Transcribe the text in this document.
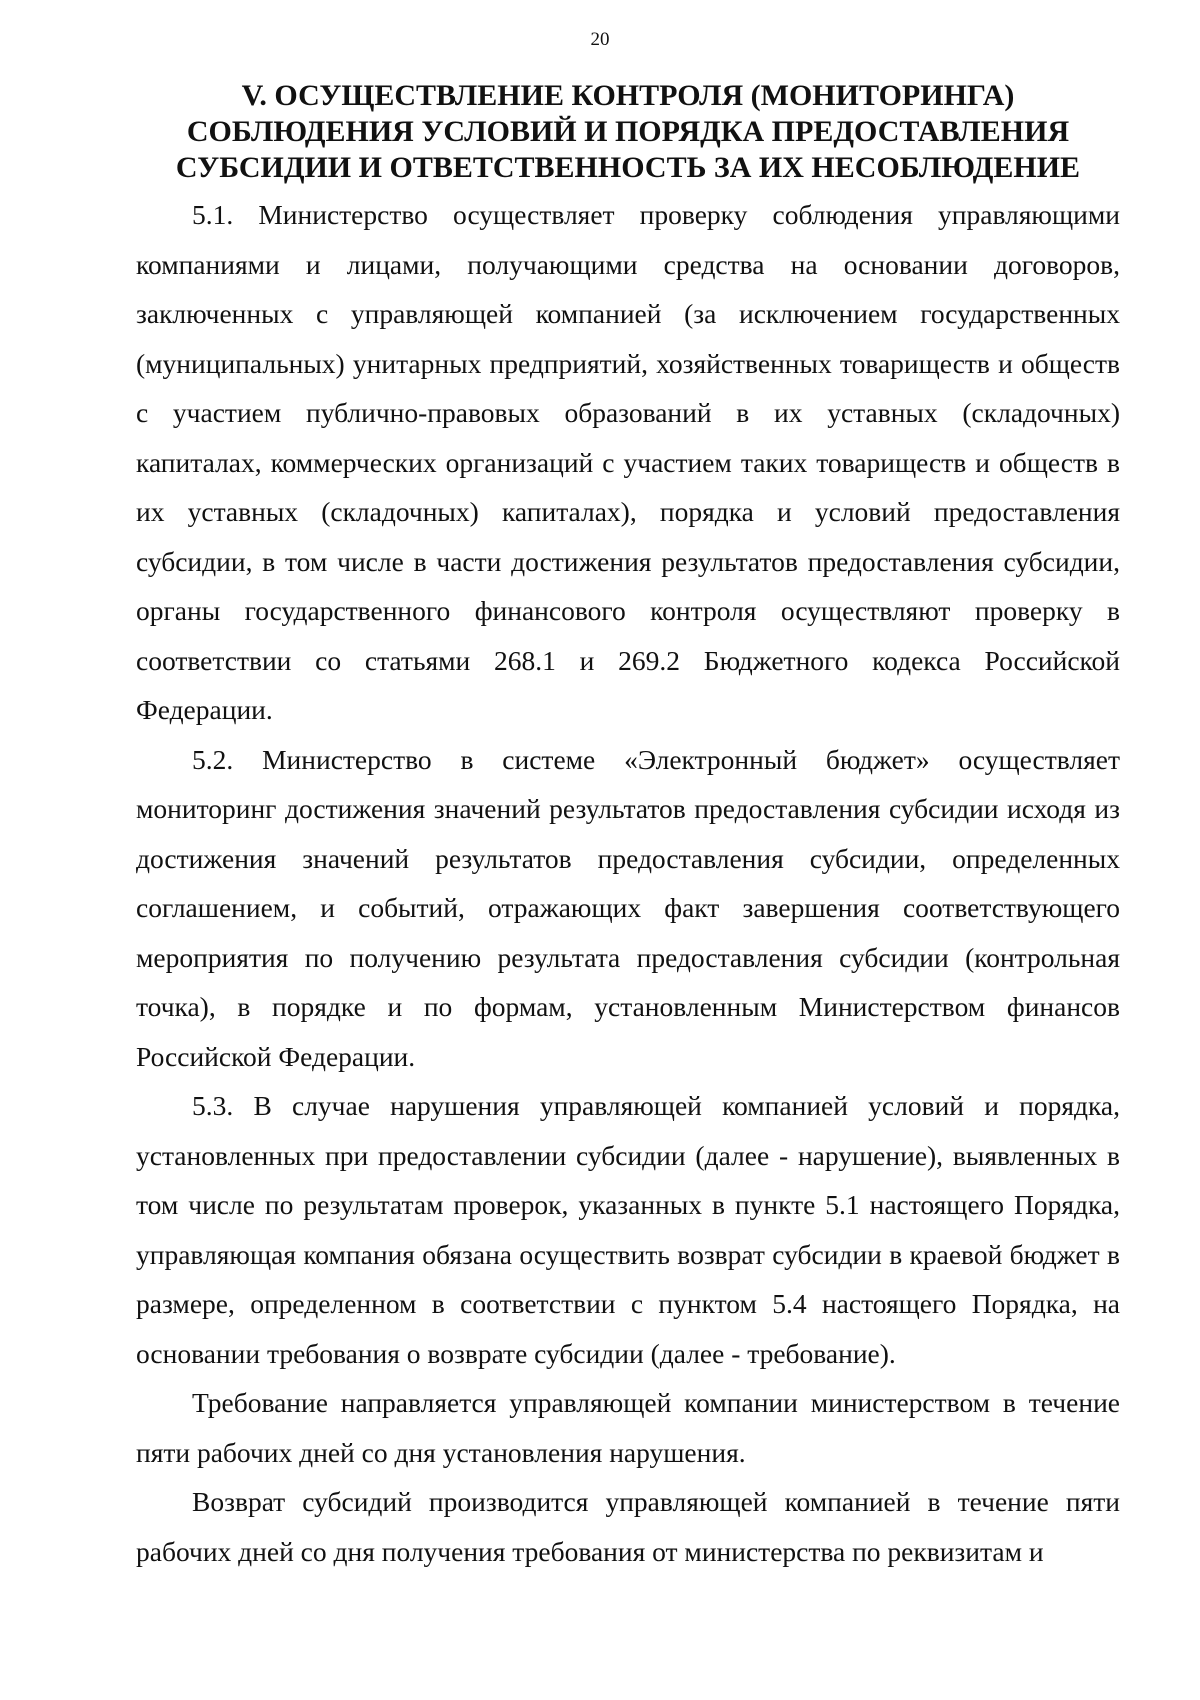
20
V. ОСУЩЕСТВЛЕНИЕ КОНТРОЛЯ (МОНИТОРИНГА)
СОБЛЮДЕНИЯ УСЛОВИЙ И ПОРЯДКА ПРЕДОСТАВЛЕНИЯ
СУБСИДИИ И ОТВЕТСТВЕННОСТЬ ЗА ИХ НЕСОБЛЮДЕНИЕ

5.1. Министерство осуществляет проверку соблюдения управляющими компаниями и лицами, получающими средства на основании договоров, заключенных с управляющей компанией (за исключением государственных (муниципальных) унитарных предприятий, хозяйственных товариществ и обществ с участием публично-правовых образований в их уставных (складочных) капиталах, коммерческих организаций с участием таких товариществ и обществ в их уставных (складочных) капиталах), порядка и условий предоставления субсидии, в том числе в части достижения результатов предоставления субсидии, органы государственного финансового контроля осуществляют проверку в соответствии со статьями 268.1 и 269.2 Бюджетного кодекса Российской Федерации.

5.2. Министерство в системе «Электронный бюджет» осуществляет мониторинг достижения значений результатов предоставления субсидии исходя из достижения значений результатов предоставления субсидии, определенных соглашением, и событий, отражающих факт завершения соответствующего мероприятия по получению результата предоставления субсидии (контрольная точка), в порядке и по формам, установленным Министерством финансов Российской Федерации.

5.3. В случае нарушения управляющей компанией условий и порядка, установленных при предоставлении субсидии (далее - нарушение), выявленных в том числе по результатам проверок, указанных в пункте 5.1 настоящего Порядка, управляющая компания обязана осуществить возврат субсидии в краевой бюджет в размере, определенном в соответствии с пунктом 5.4 настоящего Порядка, на основании требования о возврате субсидии (далее - требование).

Требование направляется управляющей компании министерством в течение пяти рабочих дней со дня установления нарушения.

Возврат субсидий производится управляющей компанией в течение пяти рабочих дней со дня получения требования от министерства по реквизитам и
